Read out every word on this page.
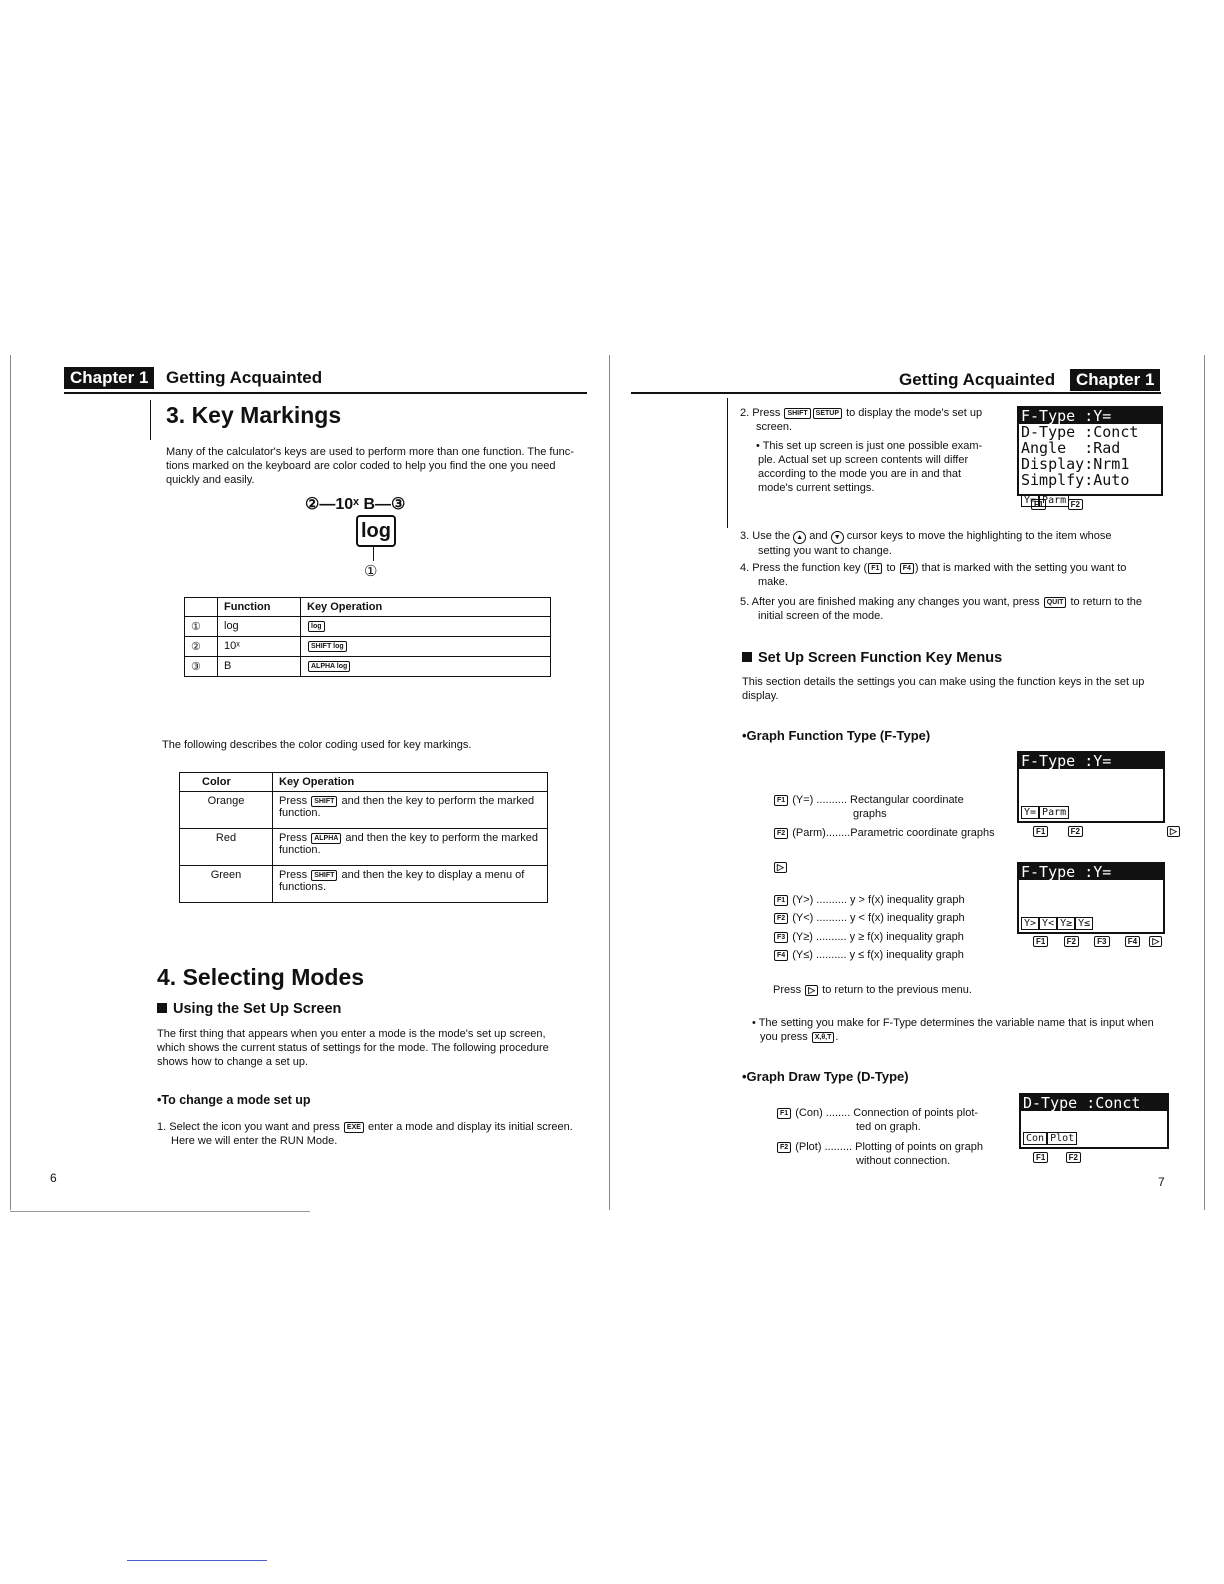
Chapter 1	Getting Acquainted
3. Key Markings
Many of the calculator's keys are used to perform more than one function. The func-
tions marked on the keyboard are color coded to help you find the one you need
quickly and easily.
②—10ˣ B—③
log
①
	Function	Key Operation
①	log	log
②	10ˣ	SHIFT log
③	B	ALPHA log
The following describes the color coding used for key markings.
Color	Key Operation
Orange	Press SHIFT and then the key to perform the marked
function.
Red	Press ALPHA and then the key to perform the marked
function.
Green	Press SHIFT and then the key to display a menu of
functions.
4. Selecting Modes
Using the Set Up Screen
The first thing that appears when you enter a mode is the mode's set up screen,
which shows the current status of settings for the mode. The following procedure
shows how to change a set up.
•To change a mode set up
1. Select the icon you want and press EXE enter a mode and display its initial screen.
Here we will enter the RUN Mode.
6
Getting Acquainted	Chapter 1
2. Press SHIFT SETUP to display the mode's set up
screen.
• This set up screen is just one possible exam-
ple. Actual set up screen contents will differ
according to the mode you are in and that
mode's current settings.
F-Type :Y=
D-Type :Conct
Angle  :Rad
Display:Nrm1
Simplfy:Auto
Y= Parm
F1	F2
3. Use the ▲ and ▼ cursor keys to move the highlighting to the item whose
setting you want to change.
4. Press the function key ( F1 to F4 ) that is marked with the setting you want to
make.
5. After you are finished making any changes you want, press QUIT to return to the
initial screen of the mode.
Set Up Screen Function Key Menus
This section details the settings you can make using the function keys in the set up
display.
•Graph Function Type (F-Type)
F1 (Y=) .......... Rectangular coordinate
graphs
F2 (Parm)........Parametric coordinate graphs
▷
F1 (Y>) .......... y > f(x) inequality graph
F2 (Y<) .......... y < f(x) inequality graph
F3 (Y≥) .......... y ≥ f(x) inequality graph
F4 (Y≤) .......... y ≤ f(x) inequality graph
F-Type :Y=
Y= Parm
F1	F2	▷
F-Type :Y=
Y> Y< Y≥ Y≤
F1	F2	F3	F4 ▷
Press ▷ to return to the previous menu.
• The setting you make for F-Type determines the variable name that is input when
you press X,θ,T .
•Graph Draw Type (D-Type)
F1 (Con) ........ Connection of points plot-
ted on graph.
F2 (Plot) ......... Plotting of points on graph
without connection.
D-Type :Conct
Con Plot
F1	F2
7
